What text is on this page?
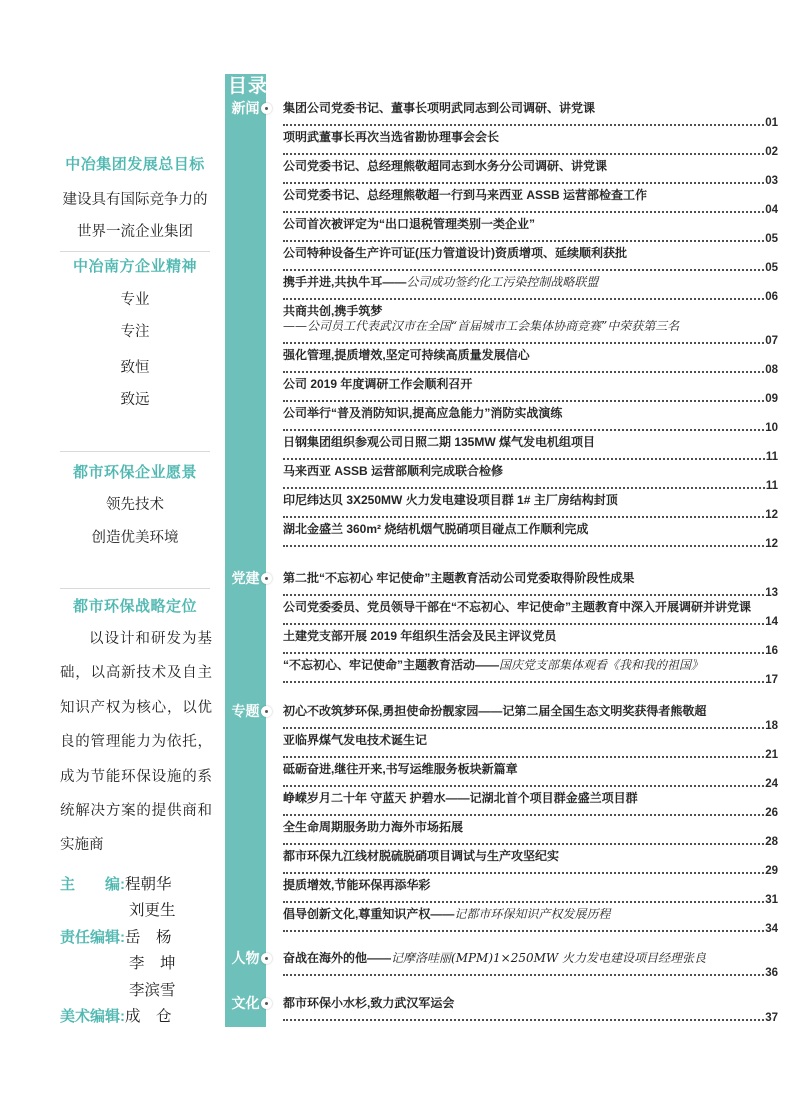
目录
中冶集团发展总目标
建设具有国际竞争力的
世界一流企业集团
中冶南方企业精神
专业
专注
致恒
致远
都市环保企业愿景
领先技术
创造优美环境
都市环保战略定位
以设计和研发为基础，以高新技术及自主知识产权为核心，以优良的管理能力为依托，成为节能环保设施的系统解决方案的提供商和实施商
主　　编:程朝华
刘更生
责任编辑:岳　杨
李　坤
李滨雪
美术编辑:成　仓
新闻	集团公司党委书记、董事长项明武同志到公司调研、讲党课
01
项明武董事长再次当选省勘协理事会会长
02
公司党委书记、总经理熊敬超同志到水务分公司调研、讲党课
03
公司党委书记、总经理熊敬超一行到马来西亚 ASSB 运营部检查工作
04
公司首次被评定为“出口退税管理类别一类企业”
05
公司特种设备生产许可证(压力管道设计)资质增项、延续顺利获批
05
携手并进,共执牛耳——公司成功签约化工污染控制战略联盟
06
共商共创,携手筑梦
——公司员工代表武汉市在全国“首届城市工会集体协商竞赛”中荣获第三名
07
强化管理,提质增效,坚定可持续高质量发展信心
08
公司 2019 年度调研工作会顺利召开
09
公司举行“普及消防知识,提高应急能力”消防实战演练
10
日钢集团组织参观公司日照二期 135MW 煤气发电机组项目
11
马来西亚 ASSB 运营部顺利完成联合检修
11
印尼纬达贝 3X250MW 火力发电建设项目群 1# 主厂房结构封顶
12
湖北金盛兰 360m² 烧结机烟气脱硝项目碰点工作顺利完成
12
党建	第二批“不忘初心 牢记使命”主题教育活动公司党委取得阶段性成果
13
公司党委委员、党员领导干部在“不忘初心、牢记使命”主题教育中深入开展调研并讲党课
14
土建党支部开展 2019 年组织生活会及民主评议党员
16
“不忘初心、牢记使命”主题教育活动——国庆党支部集体观看《我和我的祖国》
17
专题	初心不改筑梦环保,勇担使命扮靓家园——记第二届全国生态文明奖获得者熊敬超
18
亚临界煤气发电技术诞生记
21
砥砺奋进,继往开来,书写运维服务板块新篇章
24
峥嵘岁月二十年 守蓝天 护碧水——记湖北首个项目群金盛兰项目群
26
全生命周期服务助力海外市场拓展
28
都市环保九江线材脱硫脱硝项目调试与生产攻坚纪实
29
提质增效,节能环保再添华彩
31
倡导创新文化,尊重知识产权——记都市环保知识产权发展历程
34
人物	奋战在海外的他——记摩洛哇丽(MPM)1×250MW 火力发电建设项目经理张良
36
文化	都市环保小水杉,致力武汉军运会
37
